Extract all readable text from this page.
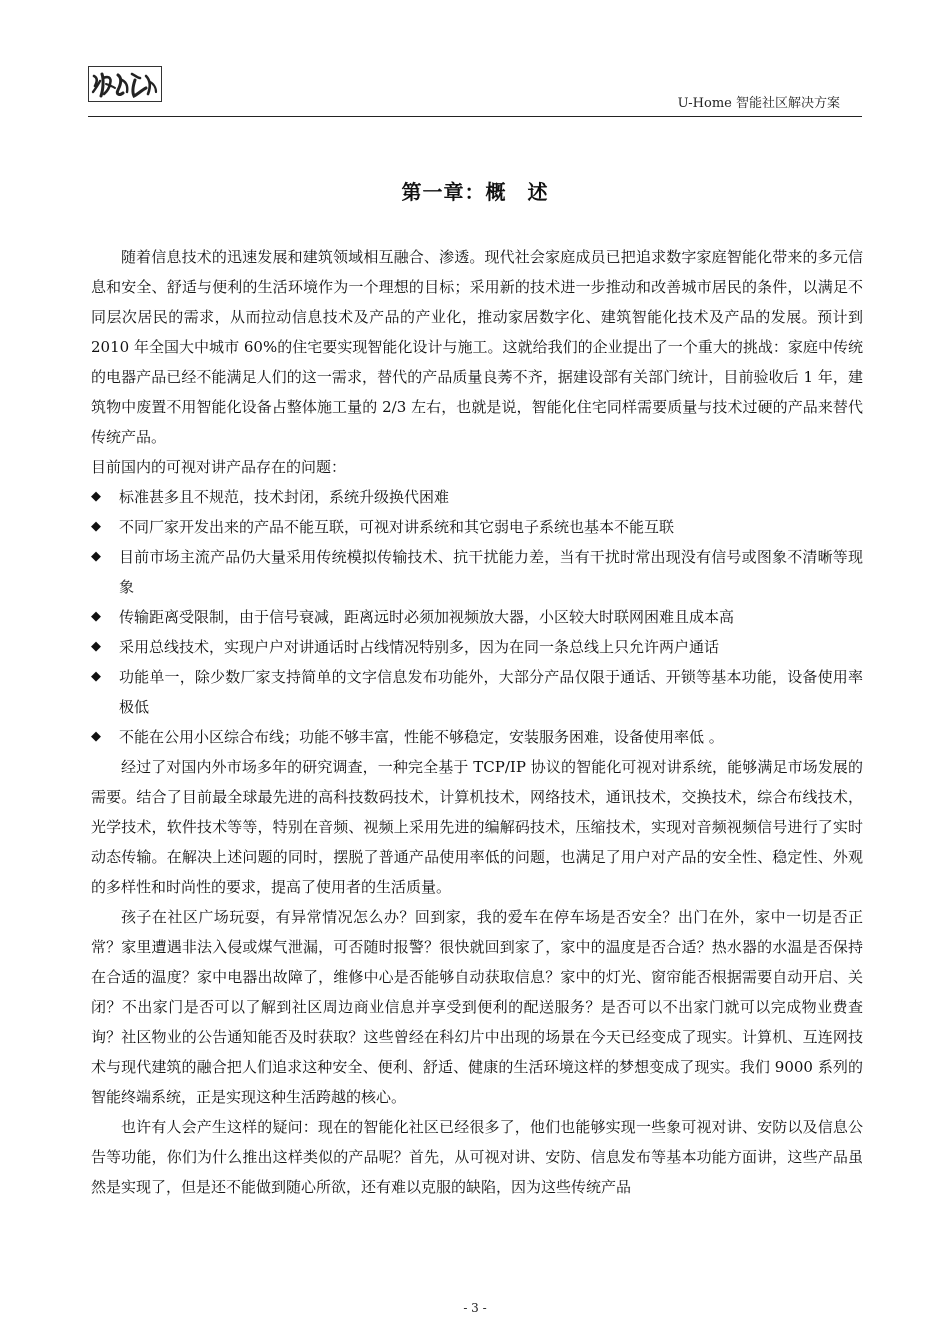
U-Home 智能社区解决方案
第一章：概　述

随着信息技术的迅速发展和建筑领域相互融合、渗透。现代社会家庭成员已把追求数字家庭智能化带来的多元信息和安全、舒适与便利的生活环境作为一个理想的目标；采用新的技术进一步推动和改善城市居民的条件，以满足不同层次居民的需求，从而拉动信息技术及产品的产业化，推动家居数字化、建筑智能化技术及产品的发展。预计到 2010 年全国大中城市 60%的住宅要实现智能化设计与施工。这就给我们的企业提出了一个重大的挑战：家庭中传统的电器产品已经不能满足人们的这一需求，替代的产品质量良莠不齐，据建设部有关部门统计，目前验收后 1 年，建筑物中废置不用智能化设备占整体施工量的 2/3 左右，也就是说，智能化住宅同样需要质量与技术过硬的产品来替代传统产品。

目前国内的可视对讲产品存在的问题：

◆ 标准甚多且不规范，技术封闭，系统升级换代困难
◆ 不同厂家开发出来的产品不能互联，可视对讲系统和其它弱电子系统也基本不能互联
◆ 目前市场主流产品仍大量采用传统模拟传输技术、抗干扰能力差，当有干扰时常出现没有信号或图象不清晰等现象
◆ 传输距离受限制，由于信号衰减，距离远时必须加视频放大器，小区较大时联网困难且成本高
◆ 采用总线技术，实现户户对讲通话时占线情况特别多，因为在同一条总线上只允许两户通话
◆ 功能单一，除少数厂家支持简单的文字信息发布功能外，大部分产品仅限于通话、开锁等基本功能，设备使用率极低
◆ 不能在公用小区综合布线；功能不够丰富，性能不够稳定，安装服务困难，设备使用率低 。

经过了对国内外市场多年的研究调查，一种完全基于 TCP/IP 协议的智能化可视对讲系统，能够满足市场发展的需要。结合了目前最全球最先进的高科技数码技术，计算机技术，网络技术，通讯技术，交换技术，综合布线技术，光学技术，软件技术等等，特别在音频、视频上采用先进的编解码技术，压缩技术，实现对音频视频信号进行了实时动态传输。在解决上述问题的同时，摆脱了普通产品使用率低的问题，也满足了用户对产品的安全性、稳定性、外观的多样性和时尚性的要求，提高了使用者的生活质量。

孩子在社区广场玩耍，有异常情况怎么办？回到家，我的爱车在停车场是否安全？出门在外，家中一切是否正常？家里遭遇非法入侵或煤气泄漏，可否随时报警？很快就回到家了，家中的温度是否合适？热水器的水温是否保持在合适的温度？家中电器出故障了，维修中心是否能够自动获取信息？家中的灯光、窗帘能否根据需要自动开启、关闭？不出家门是否可以了解到社区周边商业信息并享受到便利的配送服务？是否可以不出家门就可以完成物业费查询？社区物业的公告通知能否及时获取？这些曾经在科幻片中出现的场景在今天已经变成了现实。计算机、互连网技术与现代建筑的融合把人们追求这种安全、便利、舒适、健康的生活环境这样的梦想变成了现实。我们 9000 系列的智能终端系统，正是实现这种生活跨越的核心。

也许有人会产生这样的疑问：现在的智能化社区已经很多了，他们也能够实现一些象可视对讲、安防以及信息公告等功能，你们为什么推出这样类似的产品呢？首先，从可视对讲、安防、信息发布等基本功能方面讲，这些产品虽然是实现了，但是还不能做到随心所欲，还有难以克服的缺陷，因为这些传统产品

- 3 -
